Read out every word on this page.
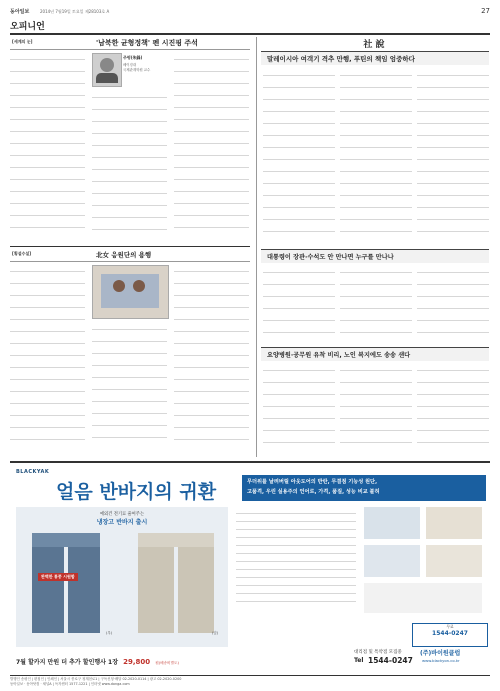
동아일보	2014년 7월19일 토요일 제28103호 A	27
오피니언
[세계의 눈]	'남북한 균형정책' 펜 시진핑 주석
주펑(朱鋒)
베이징대
국제관계학원 교수
[횡설수설]	北女 응원단의 용행
社 說
말레이시아 여객기 격추 만행, 푸틴의 책임 엄중하다
대통령이 장관·수석도 안 만나면 누구를 만나나
요양병원·공무원 유착 비리, 노인 복지에도 송송 샌다
BLACKYAK
얼음 반바지의 귀환	무더위를 날려버릴 아웃도어의 반란, 무결점 기능성 원단,
고품격, 우린 실용주의 언어로, 가격, 품질, 성능 비교 불허
예외건 전기료 줄여주는
냉장고 반바지 출시
완벽한 통풍 시원함
(우)	(앞)
무료
1544-0247
7월 할카지 만원 더 추가 할인행사 1장 29,800 원(배송비별도)
대리점 및 특약점 모집중	(주)바이원클럽
Tel 1544-0247 www.blackyon.co.kr
발행인 송평인 | 편집인 | 인쇄인 | 서울시 종로구 청계천로1 | 구독신청·배달 02-2020-0114 | 광고 02-2020-0200
동아일보 · 동아닷컴 · 채널A | 독자센터 1577-1221 | 인터넷 www.donga.com
